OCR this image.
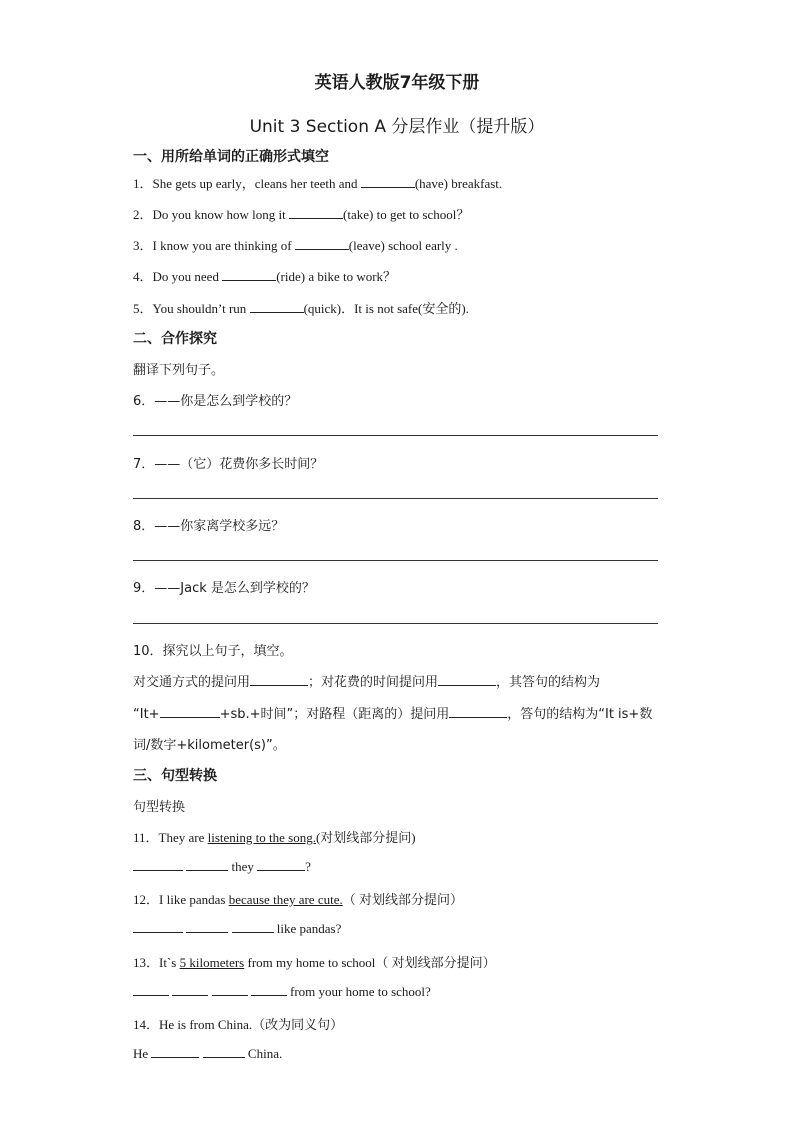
英语人教版7年级下册
Unit 3 Section A 分层作业（提升版）
一、用所给单词的正确形式填空
1．She gets up early，cleans her teeth and	(have) breakfast.
2．Do you know how long it	(take) to get to school？
3．I know you are thinking of	(leave) school early .
4．Do you need	(ride) a bike to work？
5．You shouldn’t run	(quick)．It is not safe(安全的).
二、合作探究
翻译下列句子。
6．——你是怎么到学校的？
7．——（它）花费你多长时间？
8．——你家离学校多远？
9．——Jack 是怎么到学校的？
10．探究以上句子，填空。
对交通方式的提问用	；对花费的时间提问用	，其答句的结构为
“It+	+sb.+时间”；对路程（距离的）提问用	，答句的结构为“It is+数
词/数字+kilometer(s)”。
三、句型转换
句型转换
11．They are listening to the song.(对划线部分提问)
they	?
12．I like pandas because they are cute.（ 对划线部分提问）
like pandas?
13．It`s 5 kilometers from my home to school（ 对划线部分提问）
from your home to school?
14．He is from China.（改为同义句）
He	China.
